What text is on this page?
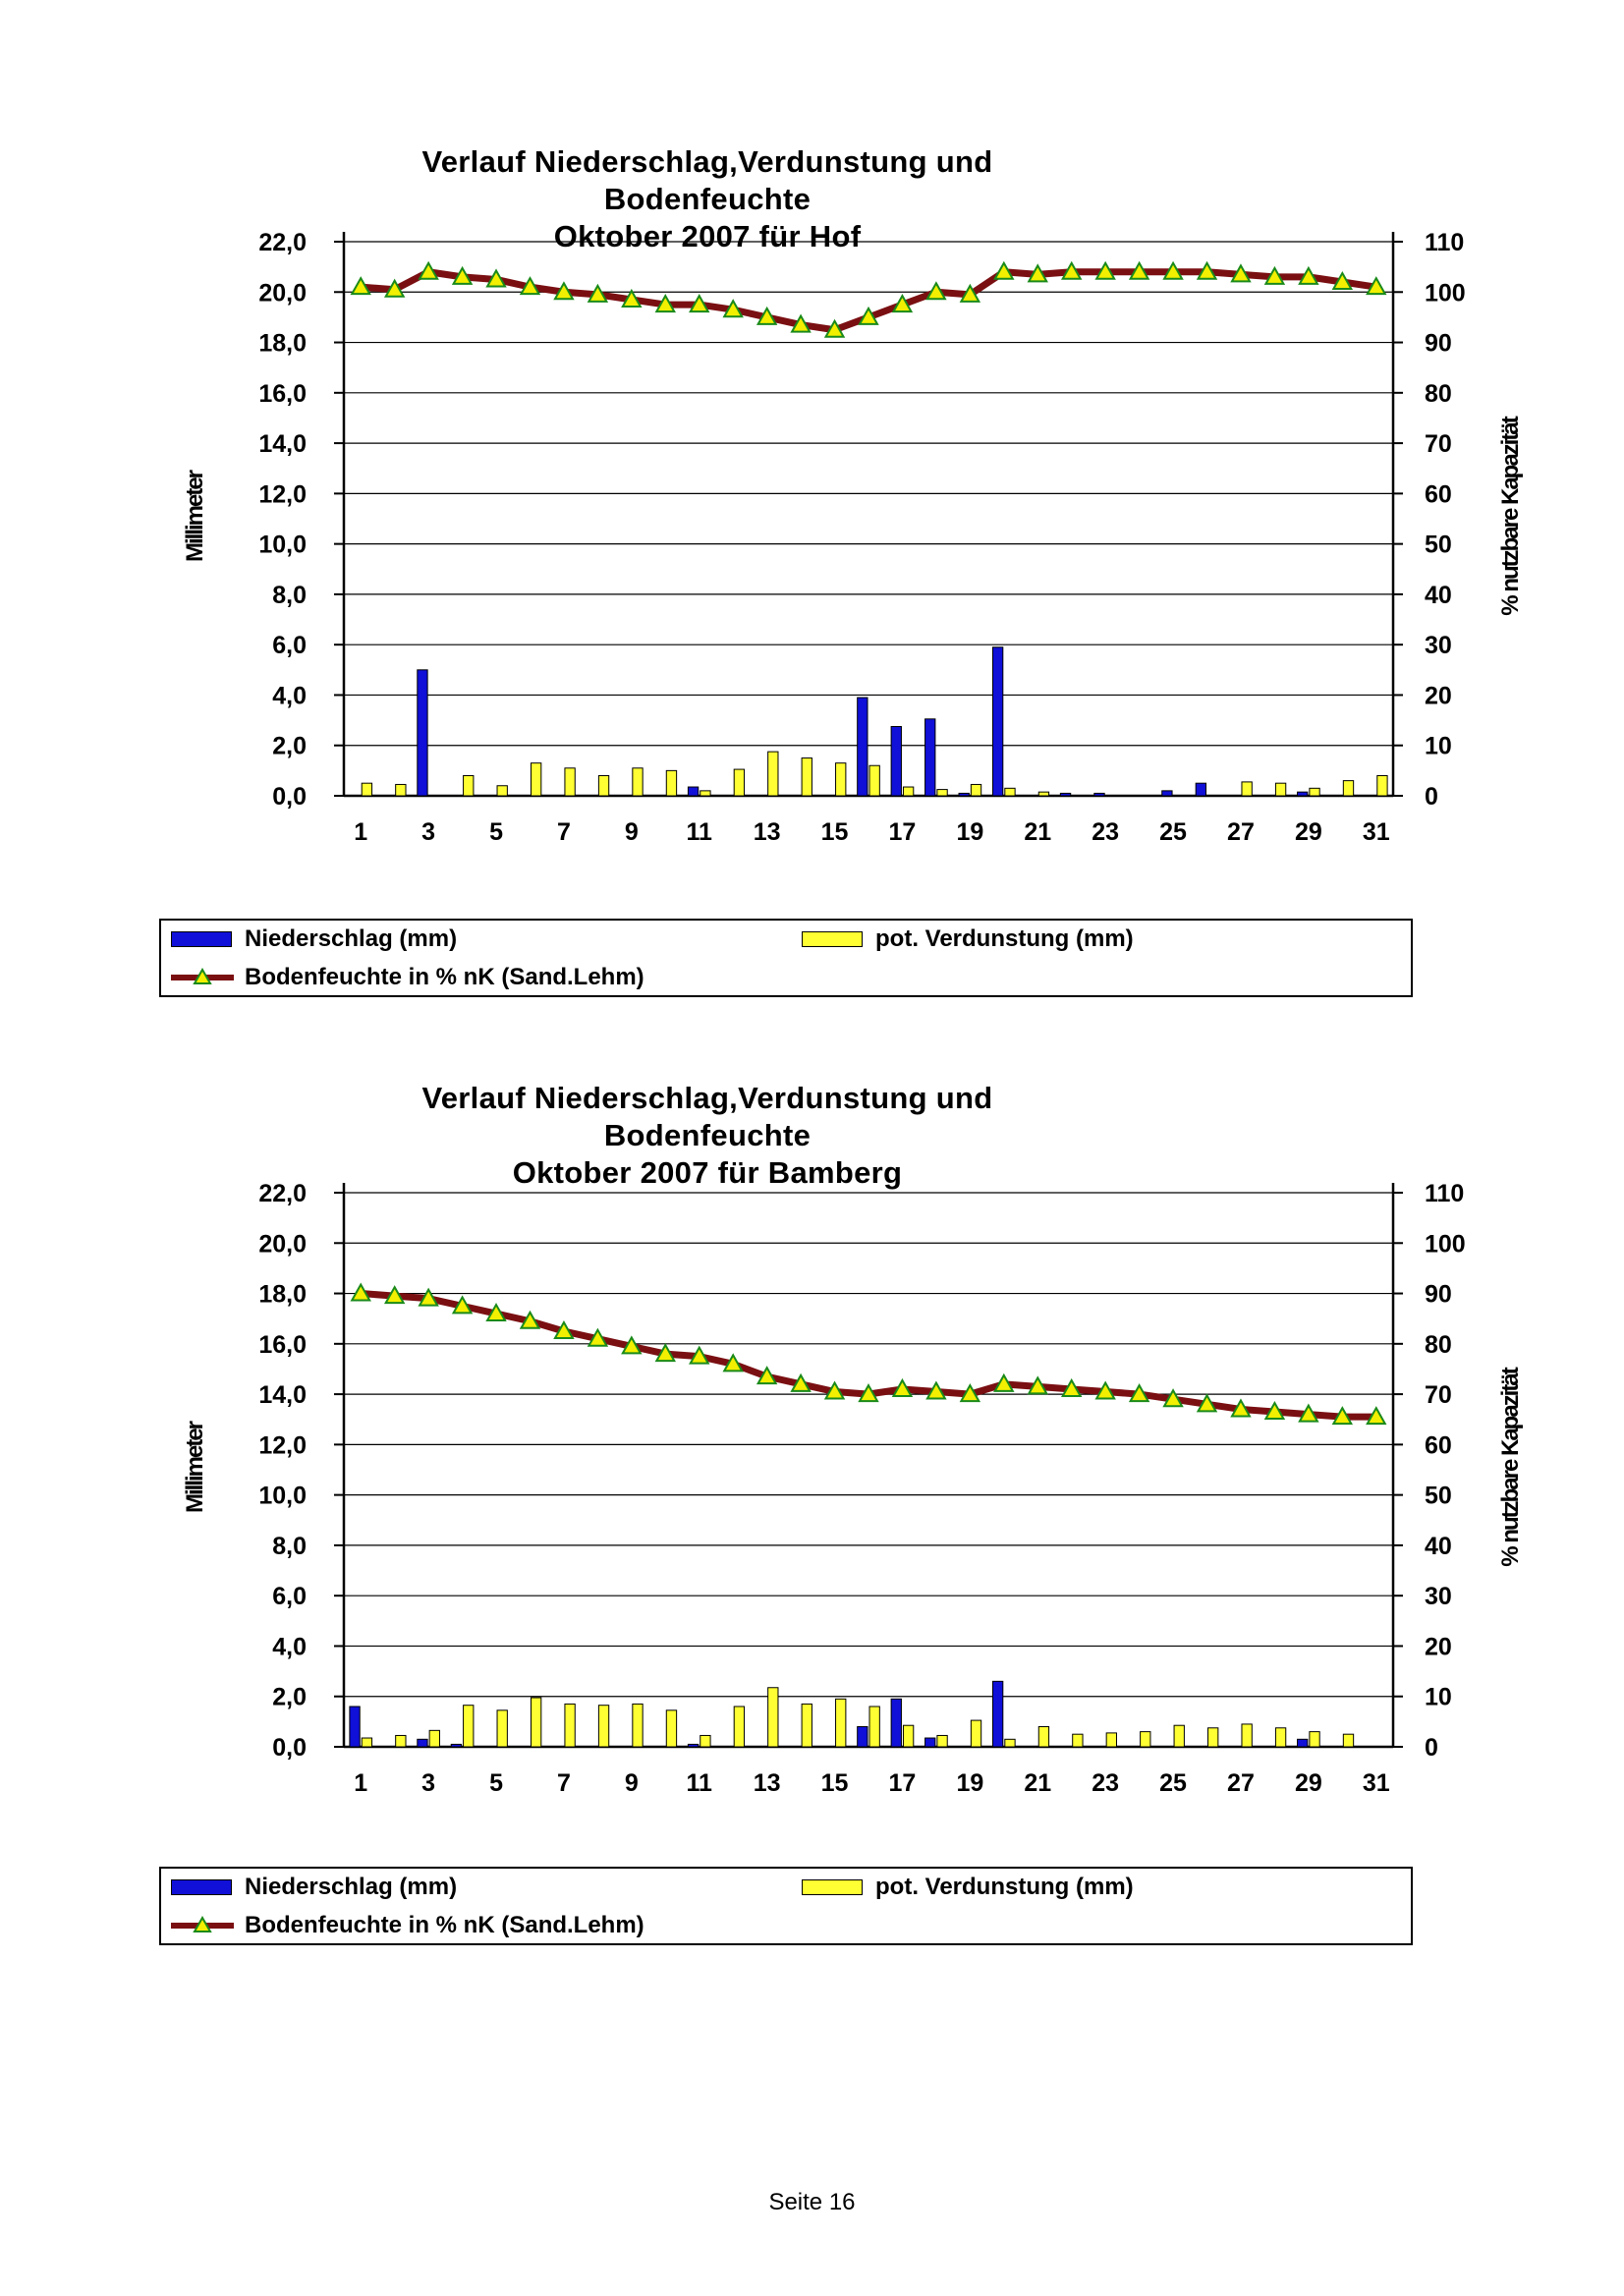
Verlauf Niederschlag,Verdunstung und Bodenfeuchte
Oktober 2007 für Hof
0,0	0
2,0	10
4,0	20
6,0	30
8,0	40
10,0	50
12,0	60
14,0	70
16,0	80
18,0	90
20,0	100
22,0	110
1 3 5 7 9 11 13 15 17 19 21 23 25 27 29 31
Millimeter	% nutzbare Kapazität
Niederschlag (mm)	pot. Verdunstung (mm)
Bodenfeuchte in % nK (Sand.Lehm)
Verlauf Niederschlag,Verdunstung und Bodenfeuchte
Oktober 2007 für Bamberg
0,0	0
2,0	10
4,0	20
6,0	30
8,0	40
10,0	50
12,0	60
14,0	70
16,0	80
18,0	90
20,0	100
22,0	110
1 3 5 7 9 11 13 15 17 19 21 23 25 27 29 31
Millimeter	% nutzbare Kapazität
Niederschlag (mm)	pot. Verdunstung (mm)
Bodenfeuchte in % nK (Sand.Lehm)
Seite 16
